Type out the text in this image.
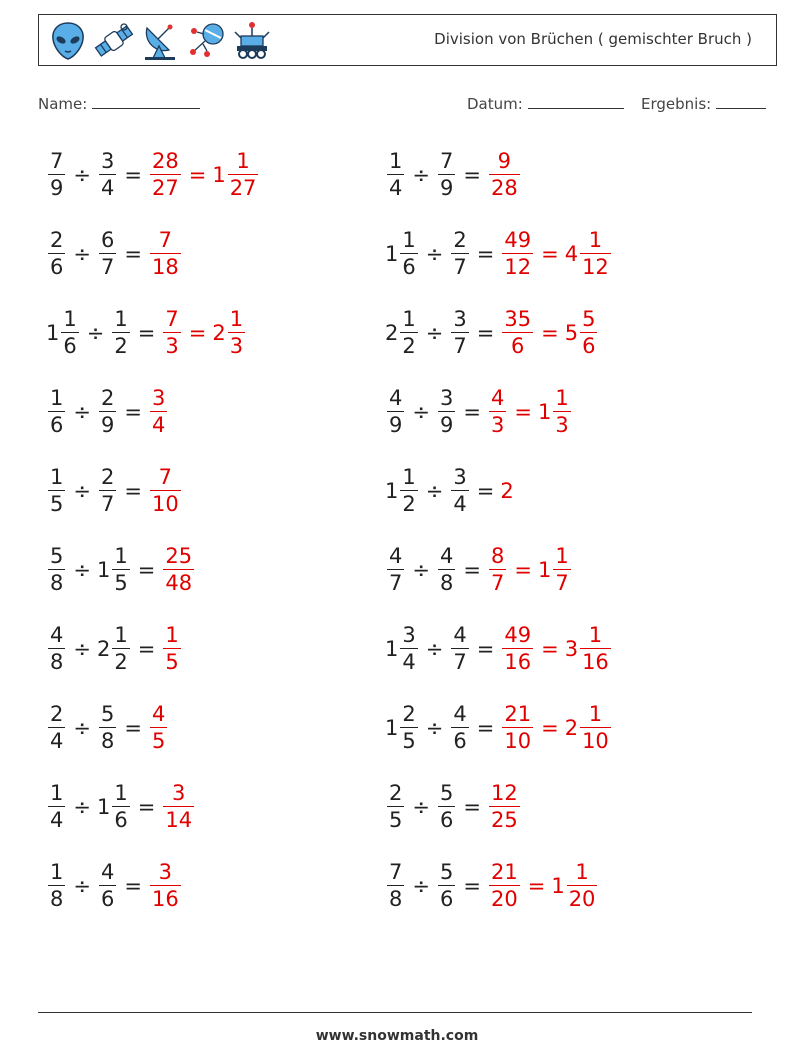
Division von Brüchen ( gemischter Bruch )
Name:	Datum:	Ergebnis:
$\frac{7}{9} \div \frac{3}{4} = \frac{28}{27} = 1 \frac{1}{27}$
$\frac{2}{6} \div \frac{6}{7} = \frac{7}{18}$
$1 \frac{1}{6} \div \frac{1}{2} = \frac{7}{3} = 2 \frac{1}{3}$
$\frac{1}{6} \div \frac{2}{9} = \frac{3}{4}$
$\frac{1}{5} \div \frac{2}{7} = \frac{7}{10}$
$\frac{5}{8} \div 1 \frac{1}{5} = \frac{25}{48}$
$\frac{4}{8} \div 2 \frac{1}{2} = \frac{1}{5}$
$\frac{2}{4} \div \frac{5}{8} = \frac{4}{5}$
$\frac{1}{4} \div 1 \frac{1}{6} = \frac{3}{14}$
$\frac{1}{8} \div \frac{4}{6} = \frac{3}{16}$
$\frac{1}{4} \div \frac{7}{9} = \frac{9}{28}$
$1 \frac{1}{6} \div \frac{2}{7} = \frac{49}{12} = 4 \frac{1}{12}$
$2 \frac{1}{2} \div \frac{3}{7} = \frac{35}{6} = 5 \frac{5}{6}$
$\frac{4}{9} \div \frac{3}{9} = \frac{4}{3} = 1 \frac{1}{3}$
$1 \frac{1}{2} \div \frac{3}{4} = 2$
$\frac{4}{7} \div \frac{4}{8} = \frac{8}{7} = 1 \frac{1}{7}$
$1 \frac{3}{4} \div \frac{4}{7} = \frac{49}{16} = 3 \frac{1}{16}$
$1 \frac{2}{5} \div \frac{4}{6} = \frac{21}{10} = 2 \frac{1}{10}$
$\frac{2}{5} \div \frac{5}{6} = \frac{12}{25}$
$\frac{7}{8} \div \frac{5}{6} = \frac{21}{20} = 1 \frac{1}{20}$
www.snowmath.com
